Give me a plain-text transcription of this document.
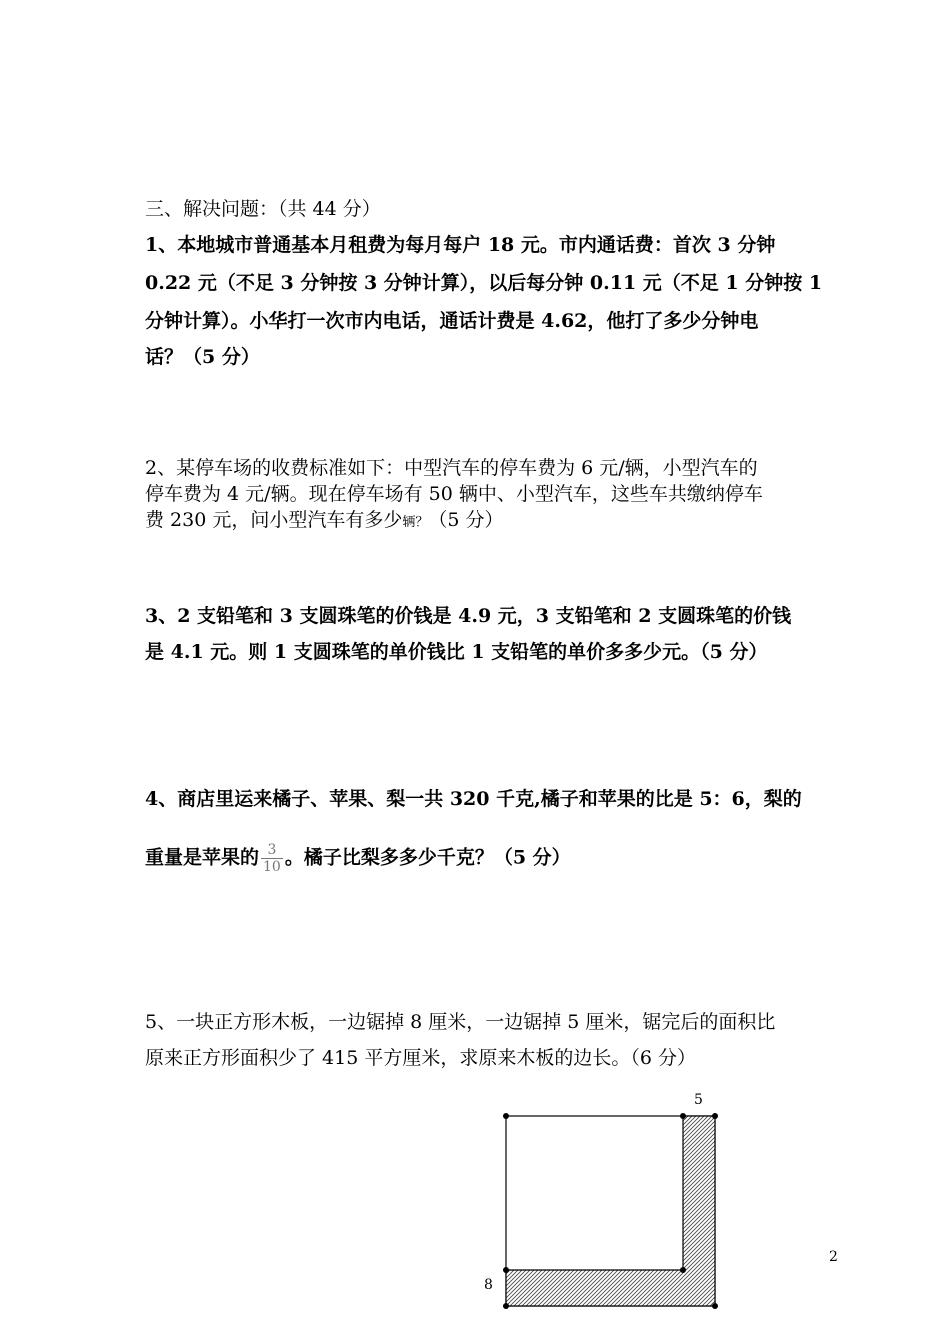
三、解决问题：（共 44 分）
1、本地城市普通基本月租费为每月每户 18 元。市内通话费：首次 3 分钟
0.22 元（不足 3 分钟按 3 分钟计算），以后每分钟 0.11 元（不足 1 分钟按 1
分钟计算）。小华打一次市内电话，通话计费是 4.62，他打了多少分钟电
话？（5 分）
2、某停车场的收费标准如下：中型汽车的停车费为 6 元/辆，小型汽车的
停车费为 4 元/辆。现在停车场有 50 辆中、小型汽车，这些车共缴纳停车
费 230 元，问小型汽车有多少辆？（5 分）
3、2 支铅笔和 3 支圆珠笔的价钱是 4.9 元，3 支铅笔和 2 支圆珠笔的价钱
是 4.1 元。则 1 支圆珠笔的单价钱比 1 支铅笔的单价多多少元。（5 分）
4、商店里运来橘子、苹果、梨一共 320 千克,橘子和苹果的比是 5：6，梨的
重量是苹果的 $\frac{3}{10}$ 。橘子比梨多多少千克？（5 分）
5、一块正方形木板，一边锯掉 8 厘米，一边锯掉 5 厘米，锯完后的面积比
原来正方形面积少了 415 平方厘米，求原来木板的边长。（6 分）
5
8
2
